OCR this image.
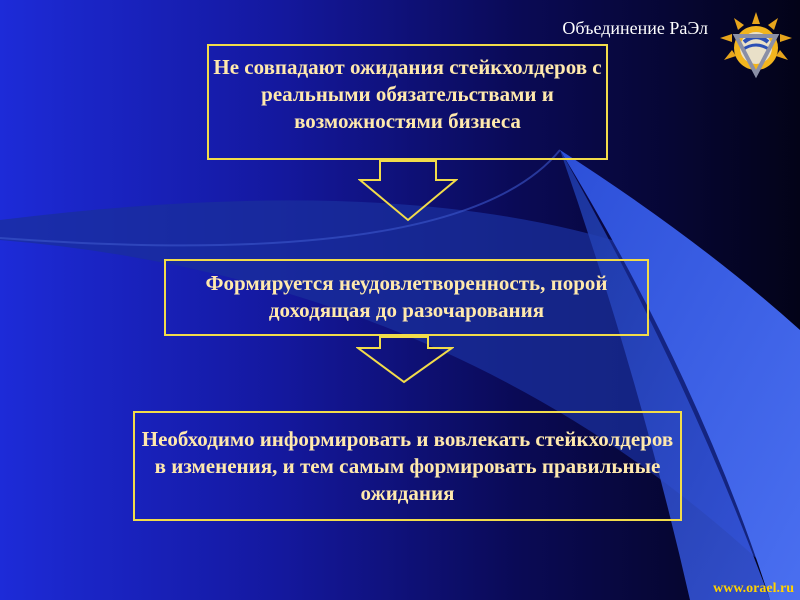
Объединение РаЭл
Не совпадают ожидания стейкхолдеров с реальными обязательствами и возможностями бизнеса
Формируется неудовлетворенность, порой доходящая до разочарования
Необходимо информировать и вовлекать стейкхолдеров в изменения, и тем самым формировать правильные ожидания
www.orael.ru
